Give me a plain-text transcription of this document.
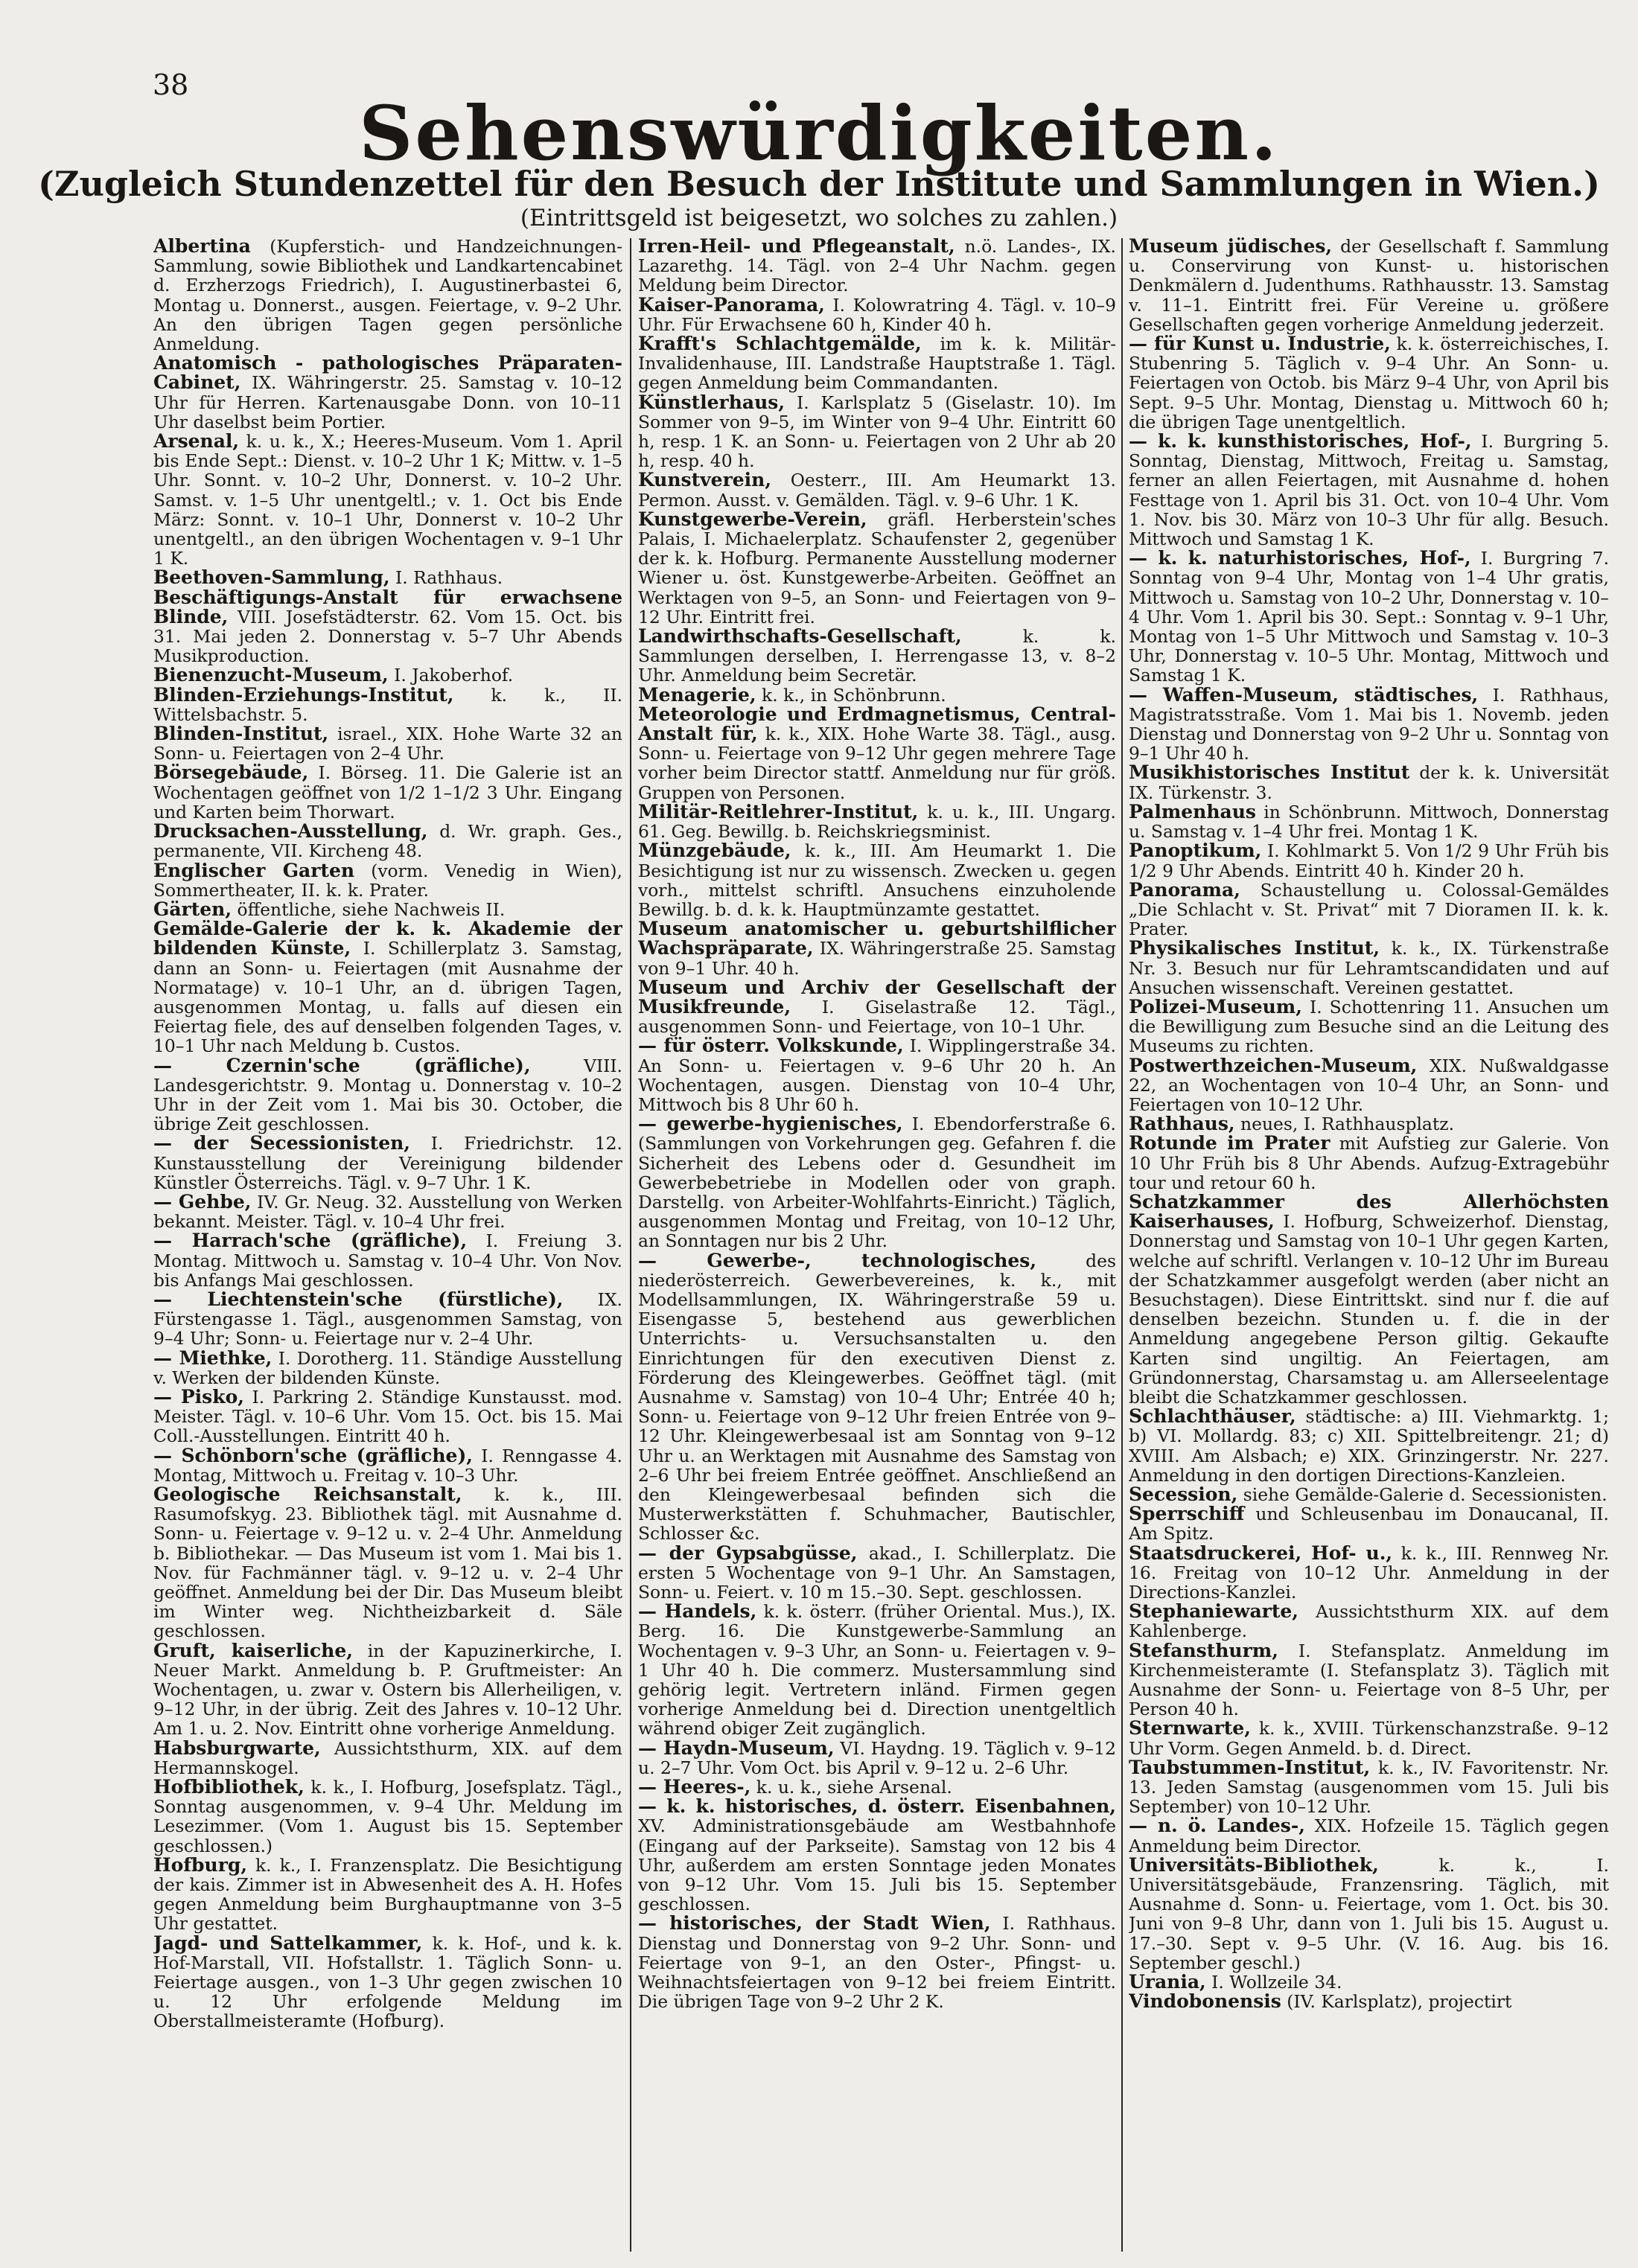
38
Sehenswürdigkeiten.
(Zugleich Stundenzettel für den Besuch der Institute und Sammlungen in Wien.)
(Eintrittsgeld ist beigesetzt, wo solches zu zahlen.)

Albertina (Kupferstich- und Handzeichnungen-Sammlung, sowie Bibliothek und Landkartencabinet d. Erzherzogs Friedrich), I. Augustinerbastei 6, Montag u. Donnerst., ausgen. Feiertage, v. 9–2 Uhr. An den übrigen Tagen gegen persönliche Anmeldung.

Anatomisch - pathologisches Präparaten-Cabinet, IX. Währingerstr. 25. Samstag v. 10–12 Uhr für Herren. Kartenausgabe Donn. von 10–11 Uhr daselbst beim Portier.

Arsenal, k. u. k., X.; Heeres-Museum. Vom 1. April bis Ende Sept.: Dienst. v. 10–2 Uhr 1 K; Mittw. v. 1–5 Uhr. Sonnt. v. 10–2 Uhr, Donnerst. v. 10–2 Uhr. Samst. v. 1–5 Uhr unentgeltl.; v. 1. Oct bis Ende März: Sonnt. v. 10–1 Uhr, Donnerst v. 10–2 Uhr unentgeltl., an den übrigen Wochentagen v. 9–1 Uhr 1 K.

Beethoven-Sammlung, I. Rathhaus.

Beschäftigungs-Anstalt für erwachsene Blinde, VIII. Josefstädterstr. 62. Vom 15. Oct. bis 31. Mai jeden 2. Donnerstag v. 5–7 Uhr Abends Musikproduction.

Bienenzucht-Museum, I. Jakoberhof.

Blinden-Erziehungs-Institut, k. k., II. Wittelsbachstr. 5.

Blinden-Institut, israel., XIX. Hohe Warte 32 an Sonn- u. Feiertagen von 2–4 Uhr.

Börsegebäude, I. Börseg. 11. Die Galerie ist an Wochentagen geöffnet von 1/2 1–1/2 3 Uhr. Eingang und Karten beim Thorwart.

Drucksachen-Ausstellung, d. Wr. graph. Ges., permanente, VII. Kircheng 48.

Englischer Garten (vorm. Venedig in Wien), Sommertheater, II. k. k. Prater.

Gärten, öffentliche, siehe Nachweis II.

Gemälde-Galerie der k. k. Akademie der bildenden Künste, I. Schillerplatz 3. Samstag, dann an Sonn- u. Feiertagen (mit Ausnahme der Normatage) v. 10–1 Uhr, an d. übrigen Tagen, ausgenommen Montag, u. falls auf diesen ein Feiertag fiele, des auf denselben folgenden Tages, v. 10–1 Uhr nach Meldung b. Custos.

— Czernin'sche (gräfliche), VIII. Landesgerichtstr. 9. Montag u. Donnerstag v. 10–2 Uhr in der Zeit vom 1. Mai bis 30. October, die übrige Zeit geschlossen.

— der Secessionisten, I. Friedrichstr. 12. Kunstausstellung der Vereinigung bildender Künstler Österreichs. Tägl. v. 9–7 Uhr. 1 K.

— Gehbe, IV. Gr. Neug. 32. Ausstellung von Werken bekannt. Meister. Tägl. v. 10–4 Uhr frei.

— Harrach'sche (gräfliche), I. Freiung 3. Montag. Mittwoch u. Samstag v. 10–4 Uhr. Von Nov. bis Anfangs Mai geschlossen.

— Liechtenstein'sche (fürstliche), IX. Fürstengasse 1. Tägl., ausgenommen Samstag, von 9–4 Uhr; Sonn- u. Feiertage nur v. 2–4 Uhr.

— Miethke, I. Dorotherg. 11. Ständige Ausstellung v. Werken der bildenden Künste.

— Pisko, I. Parkring 2. Ständige Kunstausst. mod. Meister. Tägl. v. 10–6 Uhr. Vom 15. Oct. bis 15. Mai Coll.-Ausstellungen. Eintritt 40 h.

— Schönborn'sche (gräfliche), I. Renngasse 4. Montag, Mittwoch u. Freitag v. 10–3 Uhr.

Geologische Reichsanstalt, k. k., III. Rasumofskyg. 23. Bibliothek tägl. mit Ausnahme d. Sonn- u. Feiertage v. 9–12 u. v. 2–4 Uhr. Anmeldung b. Bibliothekar. — Das Museum ist vom 1. Mai bis 1. Nov. für Fachmänner tägl. v. 9–12 u. v. 2–4 Uhr geöffnet. Anmeldung bei der Dir. Das Museum bleibt im Winter weg. Nichtheizbarkeit d. Säle geschlossen.

Gruft, kaiserliche, in der Kapuzinerkirche, I. Neuer Markt. Anmeldung b. P. Gruftmeister: An Wochentagen, u. zwar v. Ostern bis Allerheiligen, v. 9–12 Uhr, in der übrig. Zeit des Jahres v. 10–12 Uhr. Am 1. u. 2. Nov. Eintritt ohne vorherige Anmeldung.

Habsburgwarte, Aussichtsthurm, XIX. auf dem Hermannskogel.

Hofbibliothek, k. k., I. Hofburg, Josefsplatz. Tägl., Sonntag ausgenommen, v. 9–4 Uhr. Meldung im Lesezimmer. (Vom 1. August bis 15. September geschlossen.)

Hofburg, k. k., I. Franzensplatz. Die Besichtigung der kais. Zimmer ist in Abwesenheit des A. H. Hofes gegen Anmeldung beim Burghauptmanne von 3–5 Uhr gestattet.

Jagd- und Sattelkammer, k. k. Hof-, und k. k. Hof-Marstall, VII. Hofstallstr. 1. Täglich Sonn- u. Feiertage ausgen., von 1–3 Uhr gegen zwischen 10 u. 12 Uhr erfolgende Meldung im Oberstallmeisteramte (Hofburg).

Irren-Heil- und Pflegeanstalt, n.ö. Landes-, IX. Lazarethg. 14. Tägl. von 2–4 Uhr Nachm. gegen Meldung beim Director.

Kaiser-Panorama, I. Kolowratring 4. Tägl. v. 10–9 Uhr. Für Erwachsene 60 h, Kinder 40 h.

Krafft's Schlachtgemälde, im k. k. Militär-Invalidenhause, III. Landstraße Hauptstraße 1. Tägl. gegen Anmeldung beim Commandanten.

Künstlerhaus, I. Karlsplatz 5 (Giselastr. 10). Im Sommer von 9–5, im Winter von 9–4 Uhr. Eintritt 60 h, resp. 1 K. an Sonn- u. Feiertagen von 2 Uhr ab 20 h, resp. 40 h.

Kunstverein, Oesterr., III. Am Heumarkt 13. Permon. Ausst. v. Gemälden. Tägl. v. 9–6 Uhr. 1 K.

Kunstgewerbe-Verein, gräfl. Herberstein'sches Palais, I. Michaelerplatz. Schaufenster 2, gegenüber der k. k. Hofburg. Permanente Ausstellung moderner Wiener u. öst. Kunstgewerbe-Arbeiten. Geöffnet an Werktagen von 9–5, an Sonn- und Feiertagen von 9–12 Uhr. Eintritt frei.

Landwirthschafts-Gesellschaft, k. k. Sammlungen derselben, I. Herrengasse 13, v. 8–2 Uhr. Anmeldung beim Secretär.

Menagerie, k. k., in Schönbrunn.

Meteorologie und Erdmagnetismus, Central-Anstalt für, k. k., XIX. Hohe Warte 38. Tägl., ausg. Sonn- u. Feiertage von 9–12 Uhr gegen mehrere Tage vorher beim Director stattf. Anmeldung nur für größ. Gruppen von Personen.

Militär-Reitlehrer-Institut, k. u. k., III. Ungarg. 61. Geg. Bewillg. b. Reichskriegsminist.

Münzgebäude, k. k., III. Am Heumarkt 1. Die Besichtigung ist nur zu wissensch. Zwecken u. gegen vorh., mittelst schriftl. Ansuchens einzuholende Bewillg. b. d. k. k. Hauptmünzamte gestattet.

Museum anatomischer u. geburtshilflicher Wachspräparate, IX. Währingerstraße 25. Samstag von 9–1 Uhr. 40 h.

Museum und Archiv der Gesellschaft der Musikfreunde, I. Giselastraße 12. Tägl., ausgenommen Sonn- und Feiertage, von 10–1 Uhr.

— für österr. Volkskunde, I. Wipplingerstraße 34. An Sonn- u. Feiertagen v. 9–6 Uhr 20 h. An Wochentagen, ausgen. Dienstag von 10–4 Uhr, Mittwoch bis 8 Uhr 60 h.

— gewerbe-hygienisches, I. Ebendorferstraße 6. (Sammlungen von Vorkehrungen geg. Gefahren f. die Sicherheit des Lebens oder d. Gesundheit im Gewerbebetriebe in Modellen oder von graph. Darstellg. von Arbeiter-Wohlfahrts-Einricht.) Täglich, ausgenommen Montag und Freitag, von 10–12 Uhr, an Sonntagen nur bis 2 Uhr.

— Gewerbe-, technologisches, des niederösterreich. Gewerbevereines, k. k., mit Modellsammlungen, IX. Währingerstraße 59 u. Eisengasse 5, bestehend aus gewerblichen Unterrichts- u. Versuchsanstalten u. den Einrichtungen für den executiven Dienst z. Förderung des Kleingewerbes. Geöffnet tägl. (mit Ausnahme v. Samstag) von 10–4 Uhr; Entrée 40 h; Sonn- u. Feiertage von 9–12 Uhr freien Entrée von 9–12 Uhr. Kleingewerbesaal ist am Sonntag von 9–12 Uhr u. an Werktagen mit Ausnahme des Samstag von 2–6 Uhr bei freiem Entrée geöffnet. Anschließend an den Kleingewerbesaal befinden sich die Musterwerkstätten f. Schuhmacher, Bautischler, Schlosser &c.

— der Gypsabgüsse, akad., I. Schillerplatz. Die ersten 5 Wochentage von 9–1 Uhr. An Samstagen, Sonn- u. Feiert. v. 10 m 15.–30. Sept. geschlossen.

— Handels, k. k. österr. (früher Oriental. Mus.), IX. Berg. 16. Die Kunstgewerbe-Sammlung an Wochentagen v. 9–3 Uhr, an Sonn- u. Feiertagen v. 9–1 Uhr 40 h. Die commerz. Mustersammlung sind gehörig legit. Vertretern inländ. Firmen gegen vorherige Anmeldung bei d. Direction unentgeltlich während obiger Zeit zugänglich.

— Haydn-Museum, VI. Haydng. 19. Täglich v. 9–12 u. 2–7 Uhr. Vom Oct. bis April v. 9–12 u. 2–6 Uhr.

— Heeres-, k. u. k., siehe Arsenal.

— k. k. historisches, d. österr. Eisenbahnen, XV. Administrationsgebäude am Westbahnhofe (Eingang auf der Parkseite). Samstag von 12 bis 4 Uhr, außerdem am ersten Sonntage jeden Monates von 9–12 Uhr. Vom 15. Juli bis 15. September geschlossen.

— historisches, der Stadt Wien, I. Rathhaus. Dienstag und Donnerstag von 9–2 Uhr. Sonn- und Feiertage von 9–1, an den Oster-, Pfingst- u. Weihnachtsfeiertagen von 9–12 bei freiem Eintritt. Die übrigen Tage von 9–2 Uhr 2 K.

Museum jüdisches, der Gesellschaft f. Sammlung u. Conservirung von Kunst- u. historischen Denkmälern d. Judenthums. Rathhausstr. 13. Samstag v. 11–1. Eintritt frei. Für Vereine u. größere Gesellschaften gegen vorherige Anmeldung jederzeit.

— für Kunst u. Industrie, k. k. österreichisches, I. Stubenring 5. Täglich v. 9–4 Uhr. An Sonn- u. Feiertagen von Octob. bis März 9–4 Uhr, von April bis Sept. 9–5 Uhr. Montag, Dienstag u. Mittwoch 60 h; die übrigen Tage unentgeltlich.

— k. k. kunsthistorisches, Hof-, I. Burgring 5. Sonntag, Dienstag, Mittwoch, Freitag u. Samstag, ferner an allen Feiertagen, mit Ausnahme d. hohen Festtage von 1. April bis 31. Oct. von 10–4 Uhr. Vom 1. Nov. bis 30. März von 10–3 Uhr für allg. Besuch. Mittwoch und Samstag 1 K.

— k. k. naturhistorisches, Hof-, I. Burgring 7. Sonntag von 9–4 Uhr, Montag von 1–4 Uhr gratis, Mittwoch u. Samstag von 10–2 Uhr, Donnerstag v. 10–4 Uhr. Vom 1. April bis 30. Sept.: Sonntag v. 9–1 Uhr, Montag von 1–5 Uhr Mittwoch und Samstag v. 10–3 Uhr, Donnerstag v. 10–5 Uhr. Montag, Mittwoch und Samstag 1 K.

— Waffen-Museum, städtisches, I. Rathhaus, Magistratsstraße. Vom 1. Mai bis 1. Novemb. jeden Dienstag und Donnerstag von 9–2 Uhr u. Sonntag von 9–1 Uhr 40 h.

Musikhistorisches Institut der k. k. Universität IX. Türkenstr. 3.

Palmenhaus in Schönbrunn. Mittwoch, Donnerstag u. Samstag v. 1–4 Uhr frei. Montag 1 K.

Panoptikum, I. Kohlmarkt 5. Von 1/2 9 Uhr Früh bis 1/2 9 Uhr Abends. Eintritt 40 h. Kinder 20 h.

Panorama, Schaustellung u. Colossal-Gemäldes „Die Schlacht v. St. Privat“ mit 7 Dioramen II. k. k. Prater.

Physikalisches Institut, k. k., IX. Türkenstraße Nr. 3. Besuch nur für Lehramtscandidaten und auf Ansuchen wissenschaft. Vereinen gestattet.

Polizei-Museum, I. Schottenring 11. Ansuchen um die Bewilligung zum Besuche sind an die Leitung des Museums zu richten.

Postwerthzeichen-Museum, XIX. Nußwaldgasse 22, an Wochentagen von 10–4 Uhr, an Sonn- und Feiertagen von 10–12 Uhr.

Rathhaus, neues, I. Rathhausplatz.

Rotunde im Prater mit Aufstieg zur Galerie. Von 10 Uhr Früh bis 8 Uhr Abends. Aufzug-Extragebühr tour und retour 60 h.

Schatzkammer des Allerhöchsten Kaiserhauses, I. Hofburg, Schweizerhof. Dienstag, Donnerstag und Samstag von 10–1 Uhr gegen Karten, welche auf schriftl. Verlangen v. 10–12 Uhr im Bureau der Schatzkammer ausgefolgt werden (aber nicht an Besuchstagen). Diese Eintrittskt. sind nur f. die auf denselben bezeichn. Stunden u. f. die in der Anmeldung angegebene Person giltig. Gekaufte Karten sind ungiltig. An Feiertagen, am Gründonnerstag, Charsamstag u. am Allerseelentage bleibt die Schatzkammer geschlossen.

Schlachthäuser, städtische: a) III. Viehmarktg. 1; b) VI. Mollardg. 83; c) XII. Spittelbreitengr. 21; d) XVIII. Am Alsbach; e) XIX. Grinzingerstr. Nr. 227. Anmeldung in den dortigen Directions-Kanzleien.

Secession, siehe Gemälde-Galerie d. Secessionisten.

Sperrschiff und Schleusenbau im Donaucanal, II. Am Spitz.

Staatsdruckerei, Hof- u., k. k., III. Rennweg Nr. 16. Freitag von 10–12 Uhr. Anmeldung in der Directions-Kanzlei.

Stephaniewarte, Aussichtsthurm XIX. auf dem Kahlenberge.

Stefansthurm, I. Stefansplatz. Anmeldung im Kirchenmeisteramte (I. Stefansplatz 3). Täglich mit Ausnahme der Sonn- u. Feiertage von 8–5 Uhr, per Person 40 h.

Sternwarte, k. k., XVIII. Türkenschanzstraße. 9–12 Uhr Vorm. Gegen Anmeld. b. d. Direct.

Taubstummen-Institut, k. k., IV. Favoritenstr. Nr. 13. Jeden Samstag (ausgenommen vom 15. Juli bis September) von 10–12 Uhr.

— n. ö. Landes-, XIX. Hofzeile 15. Täglich gegen Anmeldung beim Director.

Universitäts-Bibliothek, k. k., I. Universitätsgebäude, Franzensring. Täglich, mit Ausnahme d. Sonn- u. Feiertage, vom 1. Oct. bis 30. Juni von 9–8 Uhr, dann von 1. Juli bis 15. August u. 17.–30. Sept v. 9–5 Uhr. (V. 16. Aug. bis 16. September geschl.)

Urania, I. Wollzeile 34.

Vindobonensis (IV. Karlsplatz), projectirt
